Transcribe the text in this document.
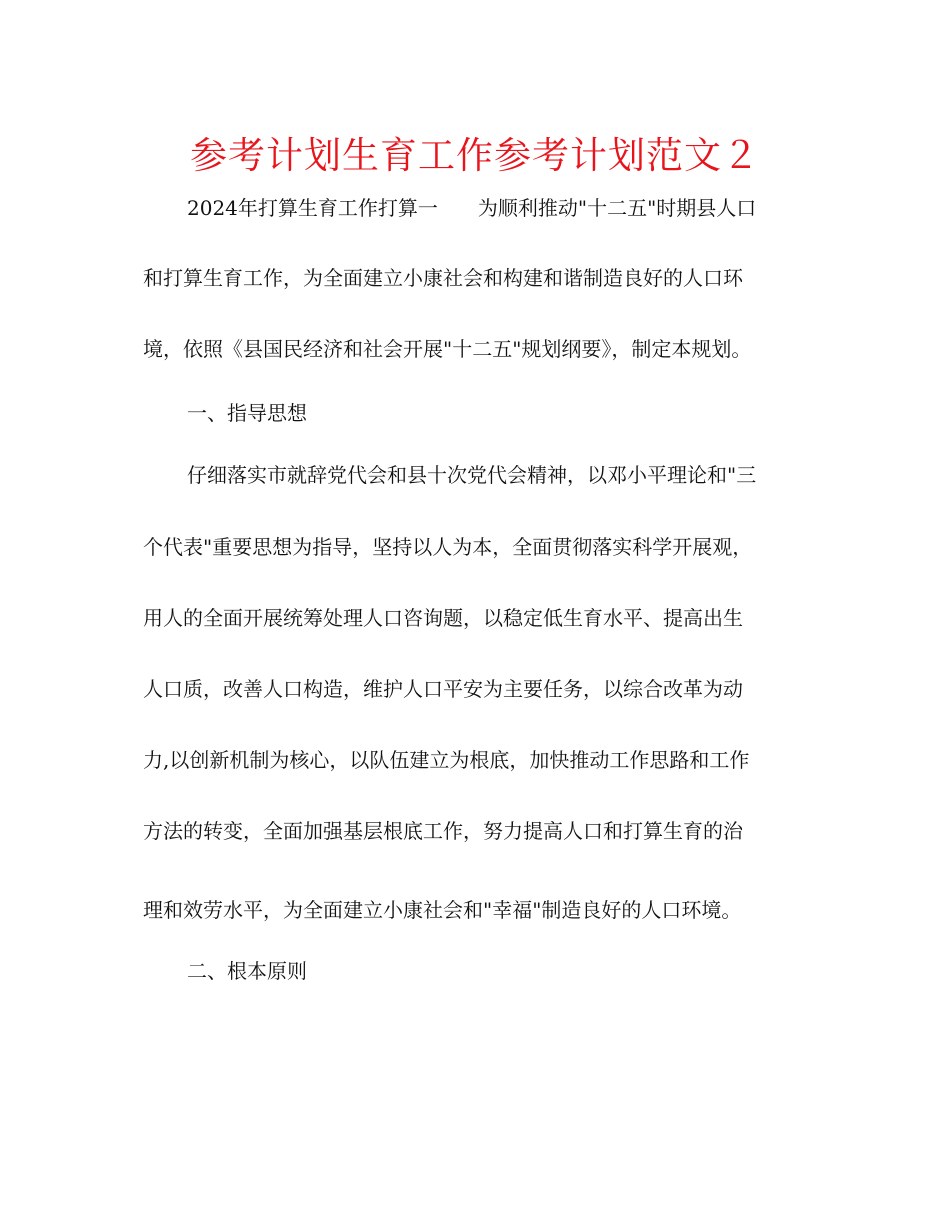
参考计划生育工作参考计划范文２

2024年打算生育工作打算一 为顺利推动"十二五"时期县人口

和打算生育工作，为全面建立小康社会和构建和谐制造良好的人口环

境，依照《县国民经济和社会开展"十二五"规划纲要》，制定本规划。

一、指导思想

仔细落实市就辞党代会和县十次党代会精神，以邓小平理论和"三

个代表"重要思想为指导，坚持以人为本，全面贯彻落实科学开展观，

用人的全面开展统筹处理人口咨询题，以稳定低生育水平、提高出生

人口质，改善人口构造，维护人口平安为主要任务，以综合改革为动

力,以创新机制为核心，以队伍建立为根底，加快推动工作思路和工作

方法的转变，全面加强基层根底工作，努力提高人口和打算生育的治

理和效劳水平，为全面建立小康社会和"幸福"制造良好的人口环境。

二、根本原则
